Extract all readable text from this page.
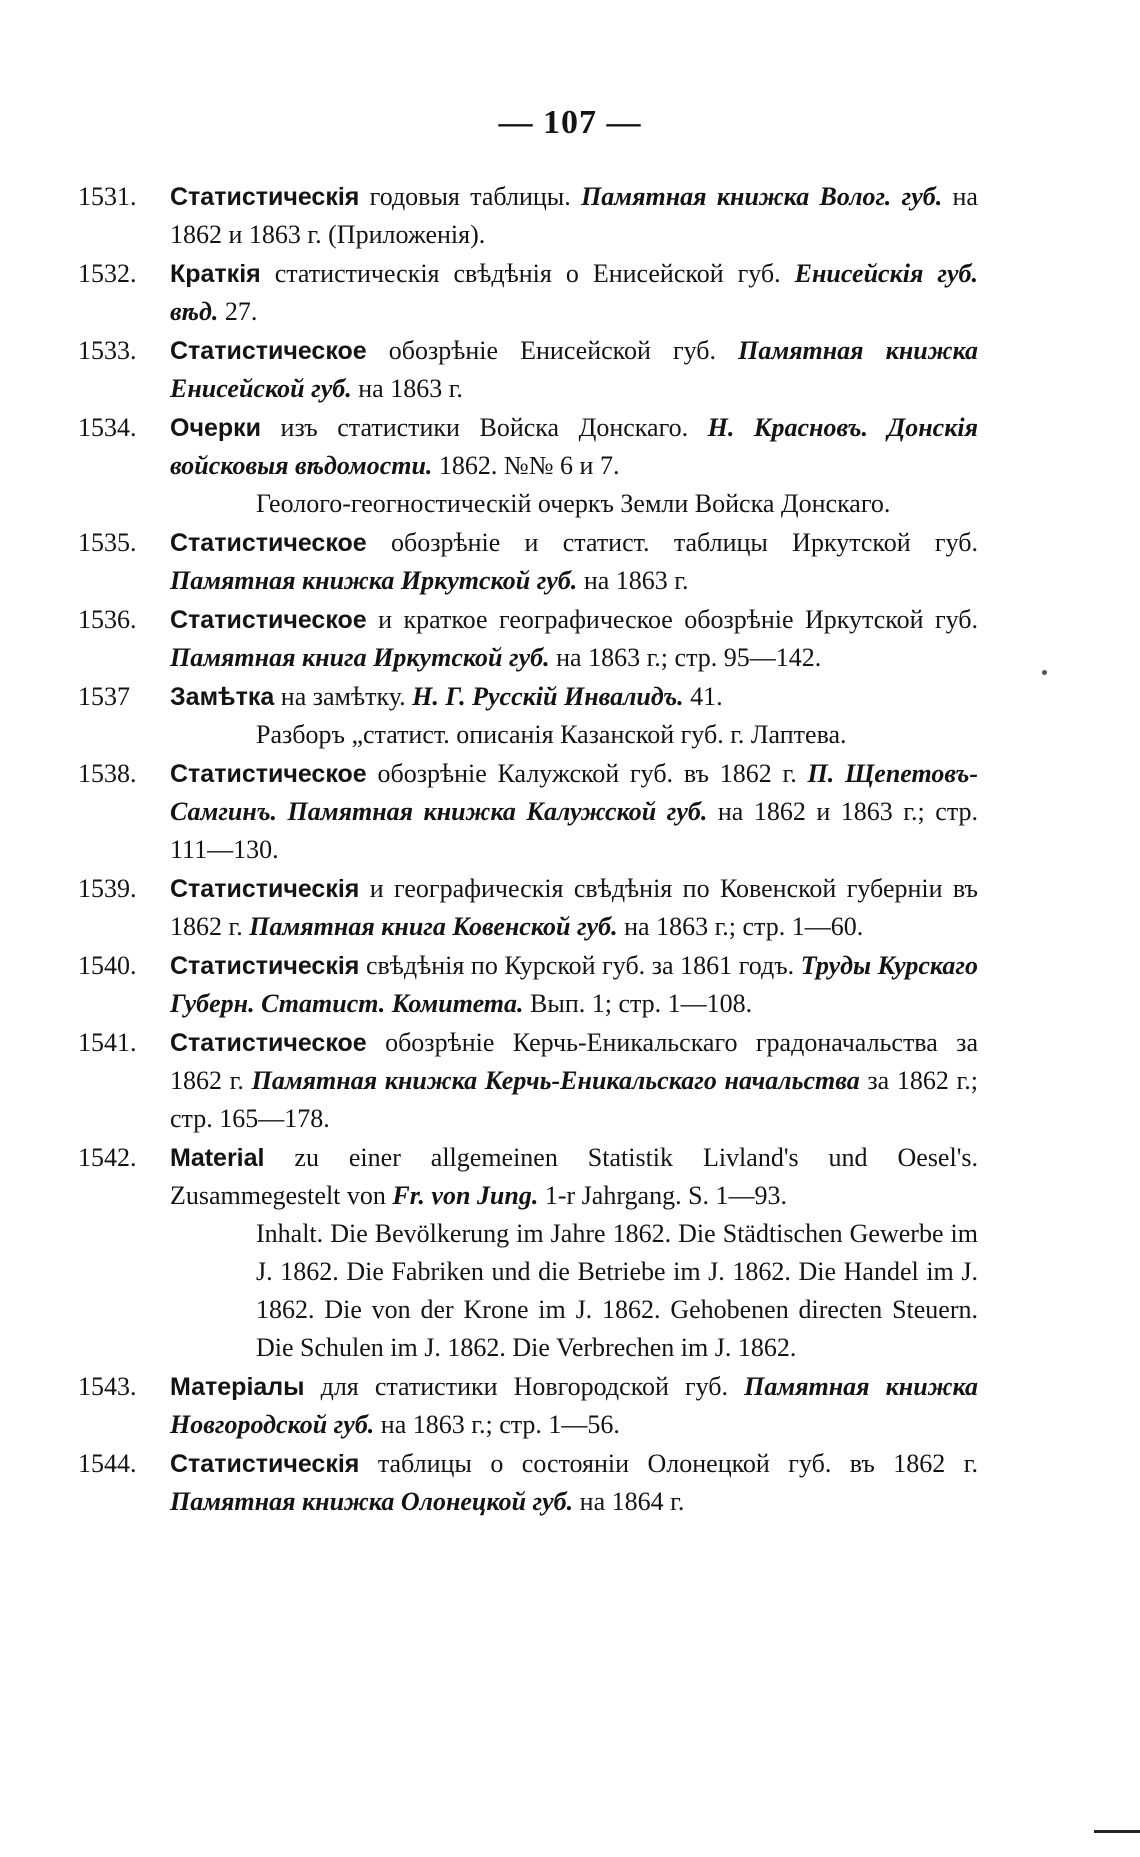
— 107 —
1531.	Статистическія годовыя таблицы. Памятная книжка Волог. губ. на 1862 и 1863 г. (Приложенія).
1532.	Краткія статистическія свѣдѣнія о Енисейской губ. Енисейскія губ. вѣд. 27.
1533.	Статистическое обозрѣніе Енисейской губ. Памятная книжка Енисейской губ. на 1863 г.
1534.	Очерки изъ статистики Войска Донскаго. Н. Красновъ. Донскія войсковыя вѣдомости. 1862. №№ 6 и 7.
Геолого-геогностическій очеркъ Земли Войска Донскаго.
1535.	Статистическое обозрѣніе и статист. таблицы Иркутской губ. Памятная книжка Иркутской губ. на 1863 г.
1536.	Статистическое и краткое географическое обозрѣніе Иркутской губ. Памятная книга Иркутской губ. на 1863 г.; стр. 95—142.
1537	Замѣтка на замѣтку. Н. Г. Русскій Инвалидъ. 41.
Разборъ „статист. описанія Казанской губ. г. Лаптева.
1538.	Статистическое обозрѣніе Калужской губ. въ 1862 г. П. Щепетовъ-Самгинъ. Памятная книжка Калужской губ. на 1862 и 1863 г.; стр. 111—130.
1539.	Статистическія и географическія свѣдѣнія по Ковенской губерніи въ 1862 г. Памятная книга Ковенской губ. на 1863 г.; стр. 1—60.
1540.	Статистическія свѣдѣнія по Курской губ. за 1861 годъ. Труды Курскаго Губерн. Статист. Комитета. Вып. 1; стр. 1—108.
1541.	Статистическое обозрѣніе Керчь-Еникальскаго градоначальства за 1862 г. Памятная книжка Керчь-Еникальскаго начальства за 1862 г.; стр. 165—178.
1542.	Material zu einer allgemeinen Statistik Livland's und Oesel's. Zusammegestelt von Fr. von Jung. 1-r Jahrgang. S. 1—93.
Inhalt. Die Bevölkerung im Jahre 1862. Die Städtischen Gewerbe im J. 1862. Die Fabriken und die Betriebe im J. 1862. Die Handel im J. 1862. Die von der Krone im J. 1862. Gehobenen directen Steuern. Die Schulen im J. 1862. Die Verbrechen im J. 1862.
1543.	Матеріалы для статистики Новгородской губ. Памятная книжка Новгородской губ. на 1863 г.; стр. 1—56.
1544.	Статистическія таблицы о состояніи Олонецкой губ. въ 1862 г. Памятная книжка Олонецкой губ. на 1864 г.
